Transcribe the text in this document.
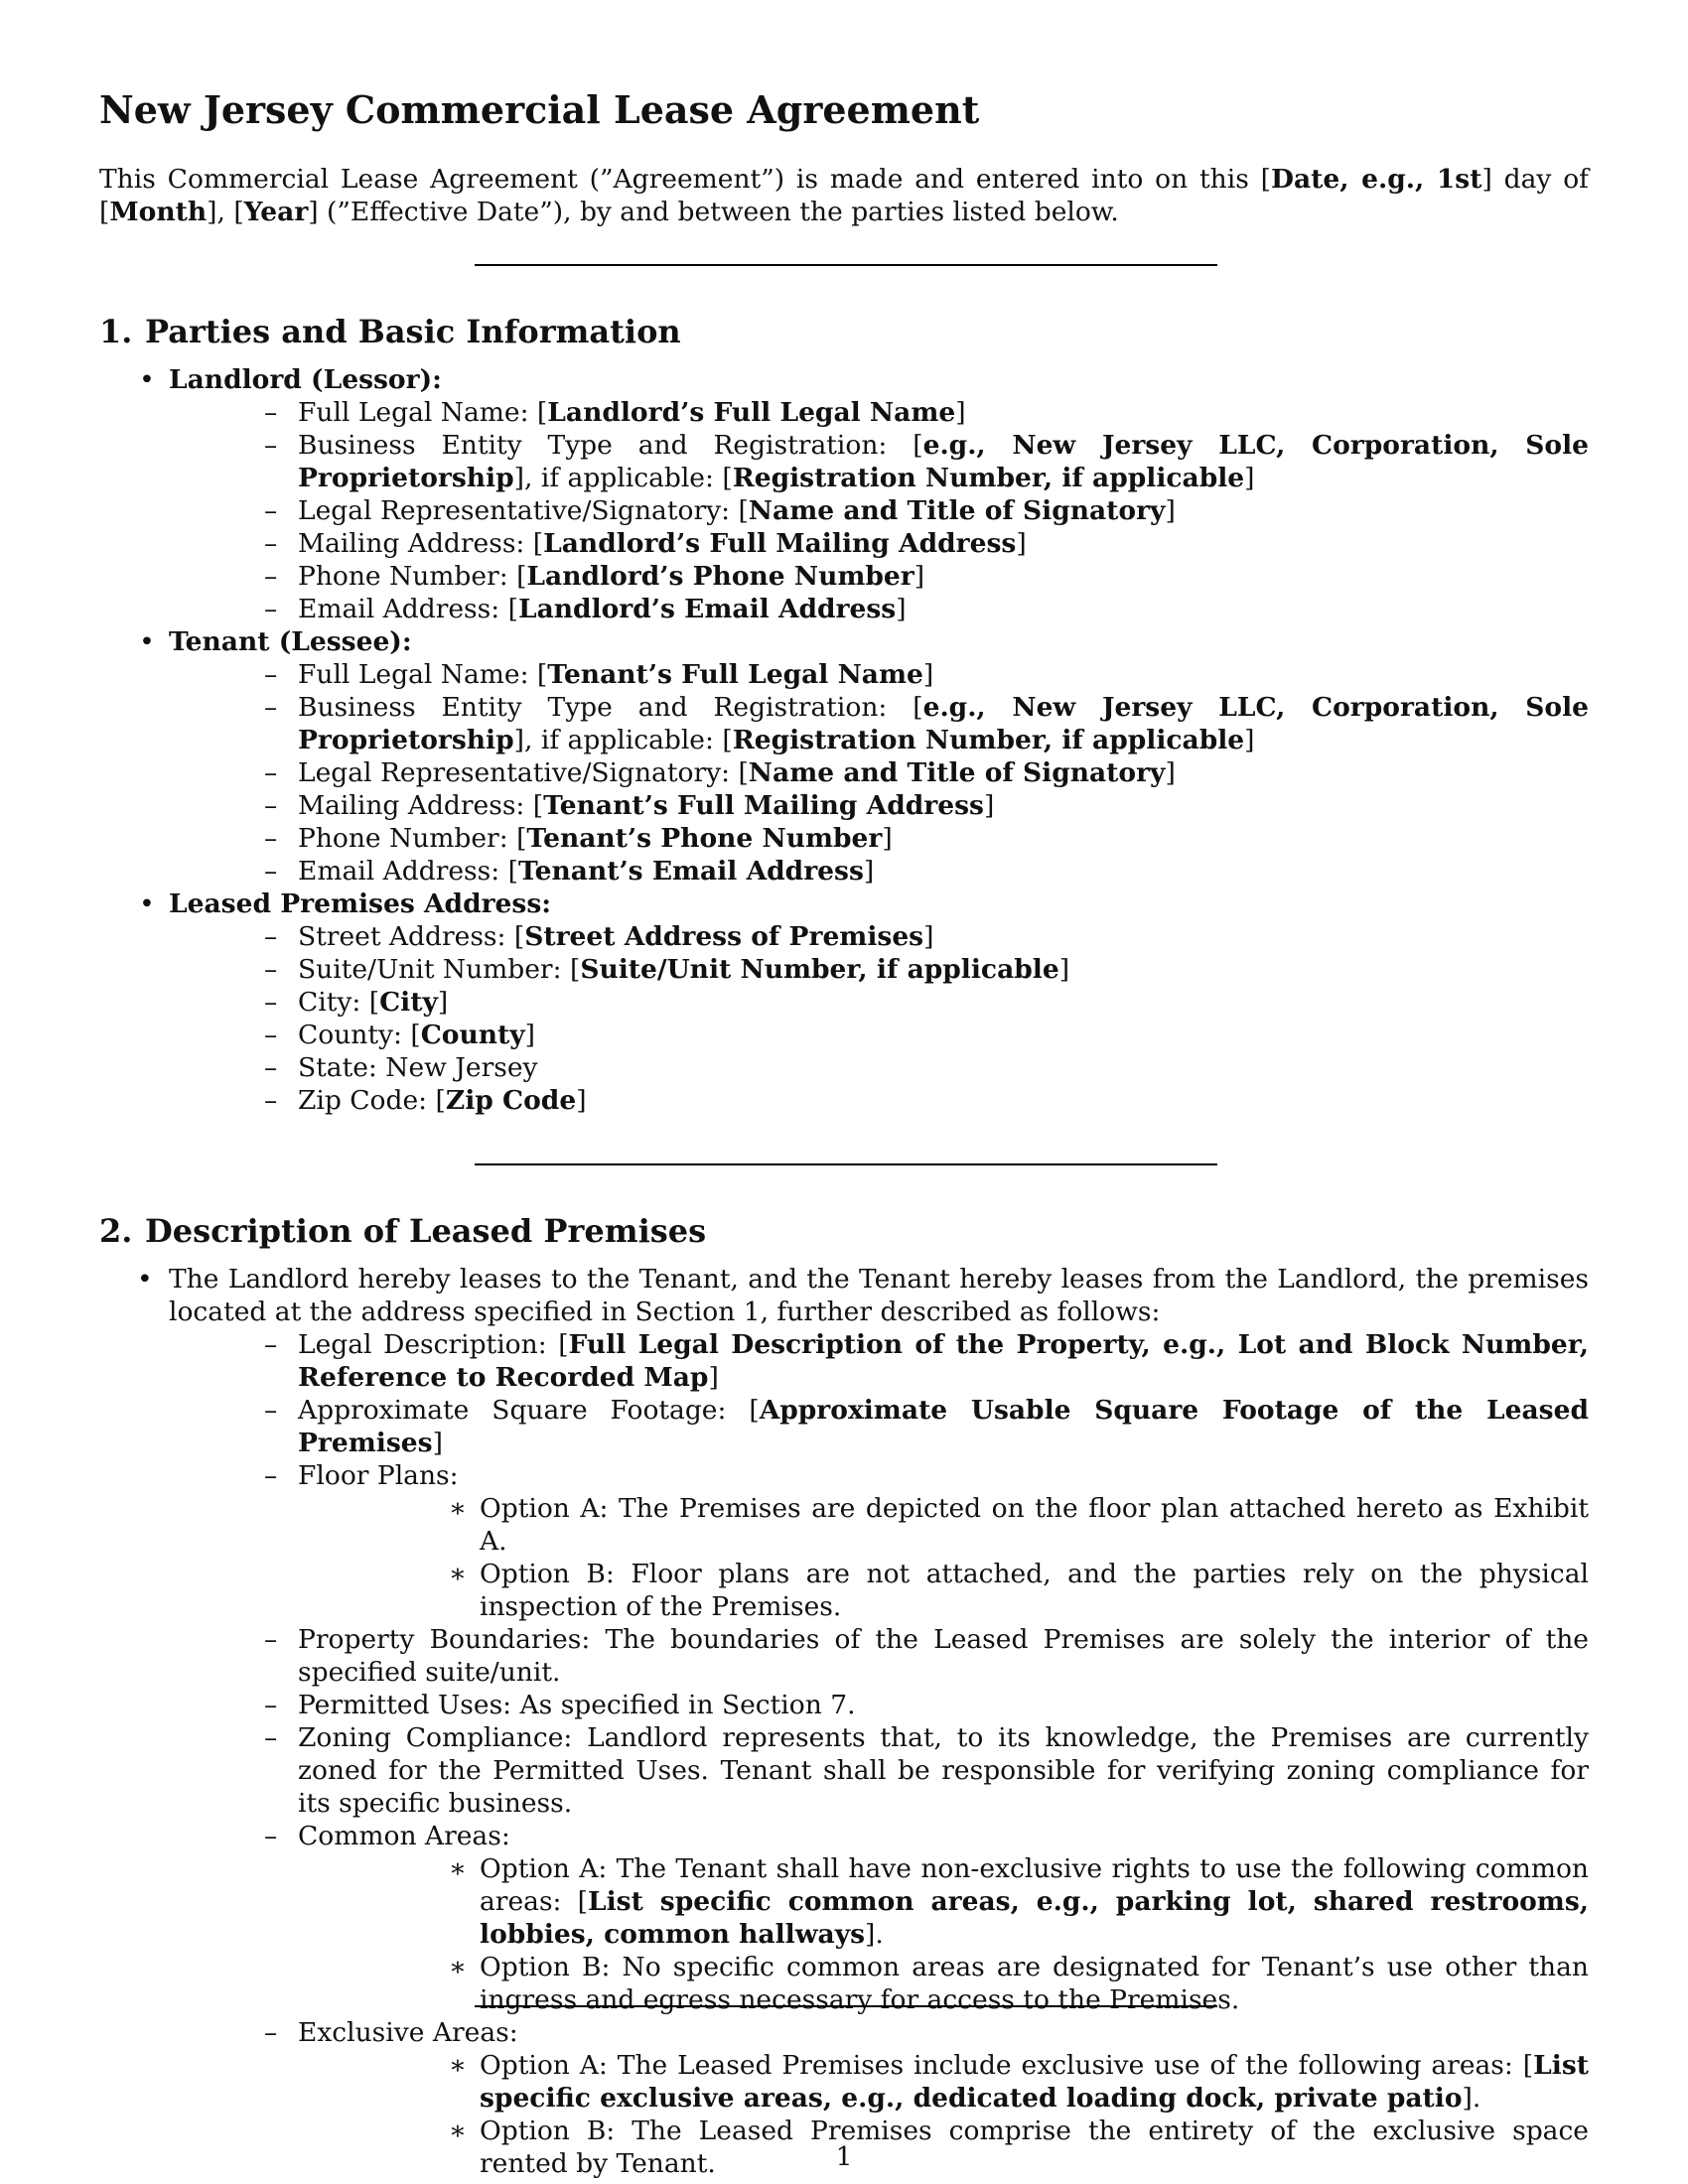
New Jersey Commercial Lease Agreement

This Commercial Lease Agreement (”Agreement”) is made and entered into on this [Date, e.g., 1st] day of [Month], [Year] (”Effective Date”), by and between the parties listed below.

1. Parties and Basic Information
• Landlord (Lessor):
– Full Legal Name: [Landlord’s Full Legal Name]
– Business Entity Type and Registration: [e.g., New Jersey LLC, Corporation, Sole Proprietorship], if applicable: [Registration Number, if applicable]
– Legal Representative/Signatory: [Name and Title of Signatory]
– Mailing Address: [Landlord’s Full Mailing Address]
– Phone Number: [Landlord’s Phone Number]
– Email Address: [Landlord’s Email Address]
• Tenant (Lessee):
– Full Legal Name: [Tenant’s Full Legal Name]
– Business Entity Type and Registration: [e.g., New Jersey LLC, Corporation, Sole Proprietorship], if applicable: [Registration Number, if applicable]
– Legal Representative/Signatory: [Name and Title of Signatory]
– Mailing Address: [Tenant’s Full Mailing Address]
– Phone Number: [Tenant’s Phone Number]
– Email Address: [Tenant’s Email Address]
• Leased Premises Address:
– Street Address: [Street Address of Premises]
– Suite/Unit Number: [Suite/Unit Number, if applicable]
– City: [City]
– County: [County]
– State: New Jersey
– Zip Code: [Zip Code]
2. Description of Leased Premises
• The Landlord hereby leases to the Tenant, and the Tenant hereby leases from the Landlord, the premises located at the address specified in Section 1, further described as follows:
– Legal Description: [Full Legal Description of the Property, e.g., Lot and Block Number, Reference to Recorded Map]
– Approximate Square Footage: [Approximate Usable Square Footage of the Leased Premises]
– Floor Plans:
∗ Option A: The Premises are depicted on the floor plan attached hereto as Exhibit A.
∗ Option B: Floor plans are not attached, and the parties rely on the physical inspection of the Premises.
– Property Boundaries: The boundaries of the Leased Premises are solely the interior of the specified suite/unit.
– Permitted Uses: As specified in Section 7.
– Zoning Compliance: Landlord represents that, to its knowledge, the Premises are currently zoned for the Permitted Uses. Tenant shall be responsible for verifying zoning compliance for its specific business.
– Common Areas:
∗ Option A: The Tenant shall have non-exclusive rights to use the following common areas: [List specific common areas, e.g., parking lot, shared restrooms, lobbies, common hallways].
∗ Option B: No specific common areas are designated for Tenant’s use other than ingress and egress necessary for access to the Premises.
– Exclusive Areas:
∗ Option A: The Leased Premises include exclusive use of the following areas: [List specific exclusive areas, e.g., dedicated loading dock, private patio].
∗ Option B: The Leased Premises comprise the entirety of the exclusive space rented by Tenant.	1
